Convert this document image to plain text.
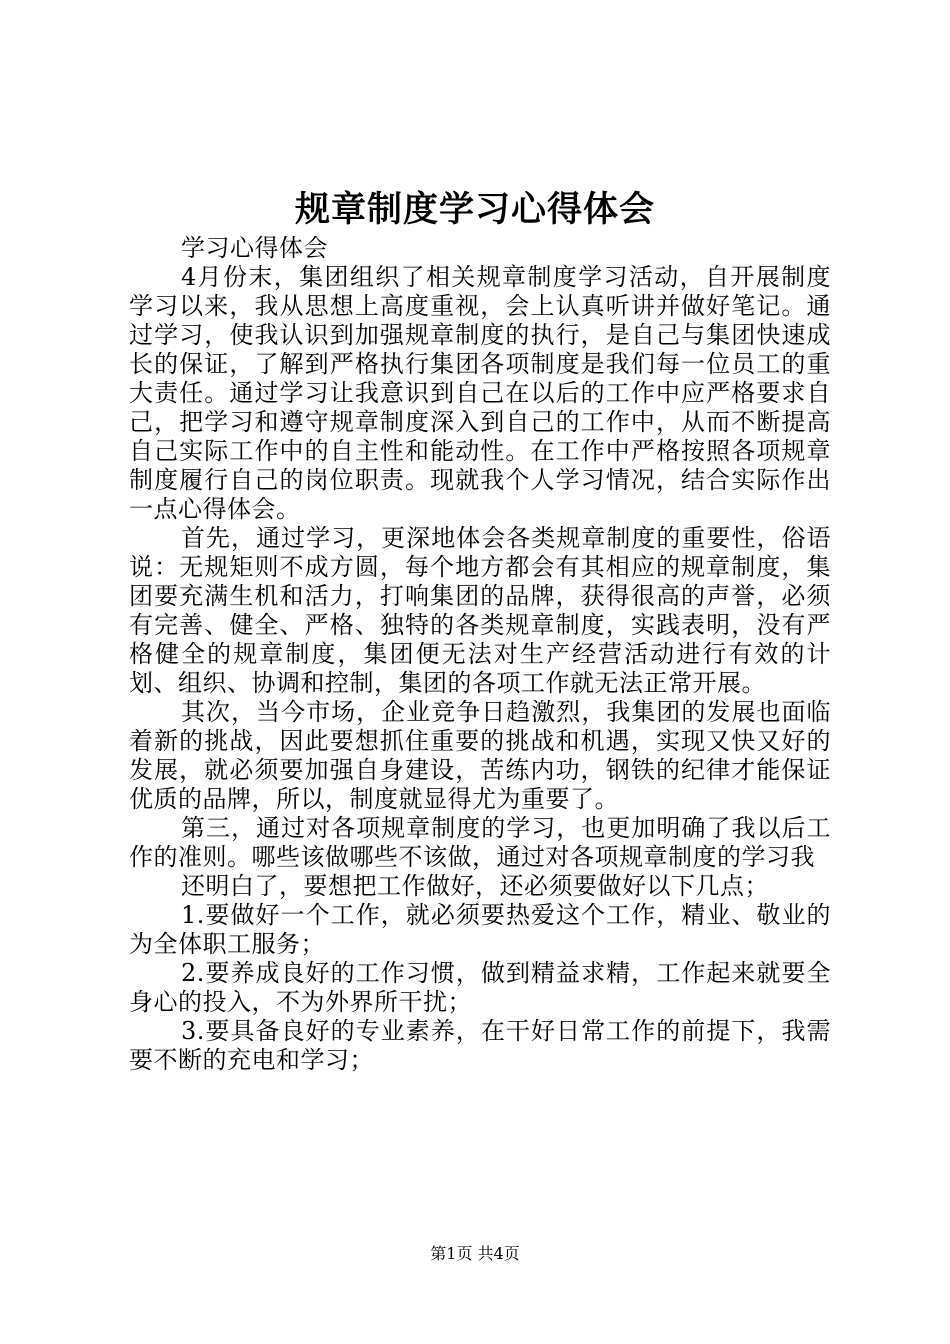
规章制度学习心得体会

学习心得体会

4月份末，集团组织了相关规章制度学习活动，自开展制度学习以来，我从思想上高度重视，会上认真听讲并做好笔记。通过学习，使我认识到加强规章制度的执行，是自己与集团快速成长的保证，了解到严格执行集团各项制度是我们每一位员工的重大责任。通过学习让我意识到自己在以后的工作中应严格要求自己，把学习和遵守规章制度深入到自己的工作中，从而不断提高自己实际工作中的自主性和能动性。在工作中严格按照各项规章制度履行自己的岗位职责。现就我个人学习情况，结合实际作出一点心得体会。

首先，通过学习，更深地体会各类规章制度的重要性，俗语说：无规矩则不成方圆，每个地方都会有其相应的规章制度，集团要充满生机和活力，打响集团的品牌，获得很高的声誉，必须有完善、健全、严格、独特的各类规章制度，实践表明，没有严格健全的规章制度，集团便无法对生产经营活动进行有效的计划、组织、协调和控制，集团的各项工作就无法正常开展。

其次，当今市场，企业竞争日趋激烈，我集团的发展也面临着新的挑战，因此要想抓住重要的挑战和机遇，实现又快又好的发展，就必须要加强自身建设，苦练内功，钢铁的纪律才能保证优质的品牌，所以，制度就显得尤为重要了。

第三，通过对各项规章制度的学习，也更加明确了我以后工作的准则。哪些该做哪些不该做，通过对各项规章制度的学习我

还明白了，要想把工作做好，还必须要做好以下几点；

1.要做好一个工作，就必须要热爱这个工作，精业、敬业的为全体职工服务；

2.要养成良好的工作习惯，做到精益求精，工作起来就要全身心的投入，不为外界所干扰；

3.要具备良好的专业素养，在干好日常工作的前提下，我需要不断的充电和学习；

第1页 共4页
